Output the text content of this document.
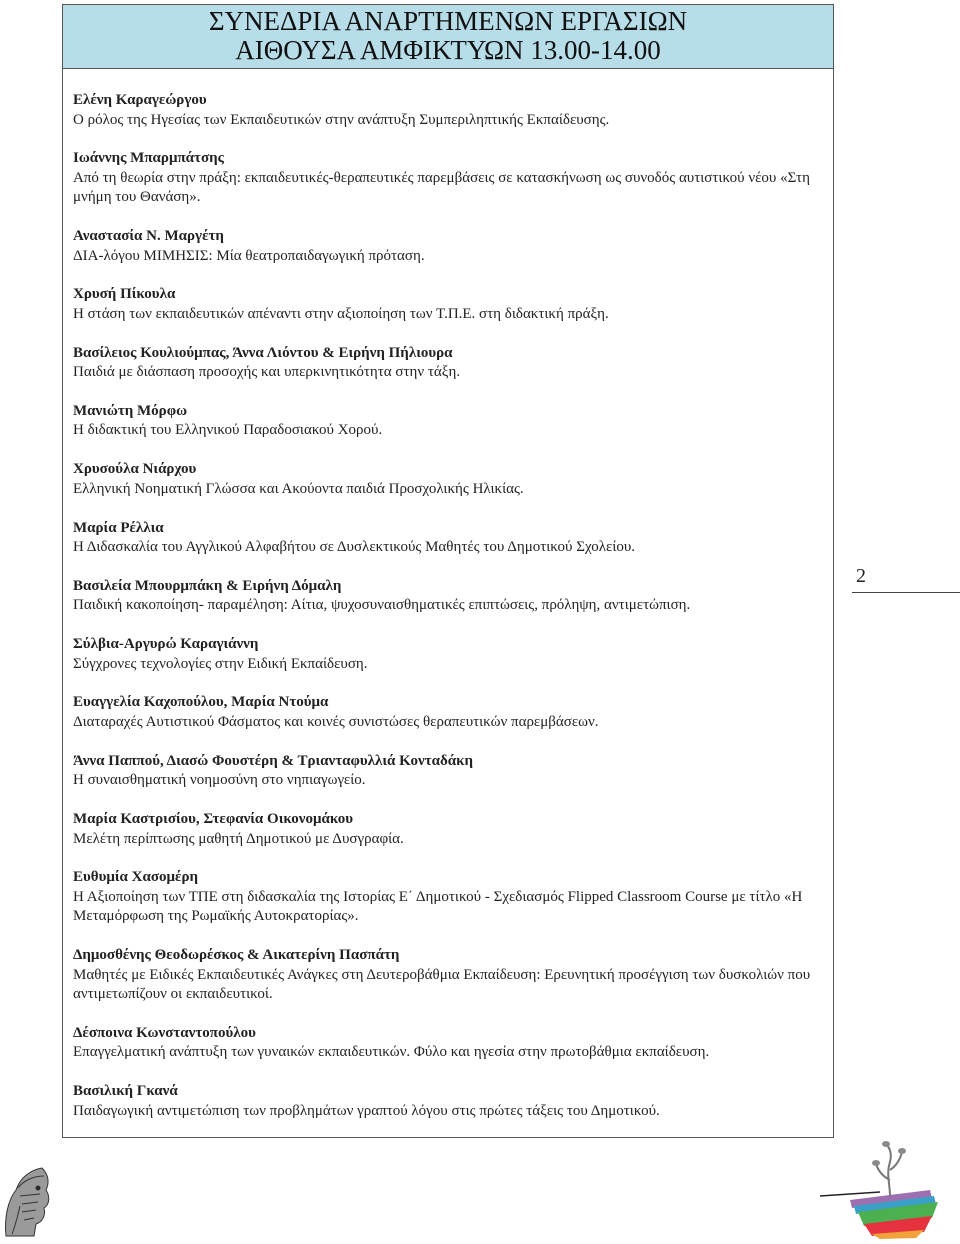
ΣΥΝΕΔΡΙΑ ΑΝΑΡΤΗΜΕΝΩΝ ΕΡΓΑΣΙΩΝ
ΑΙΘΟΥΣΑ ΑΜΦΙΚΤΥΩΝ 13.00-14.00
Ελένη Καραγεώργου
Ο ρόλος της Ηγεσίας των Εκπαιδευτικών στην ανάπτυξη Συμπεριληπτικής Εκπαίδευσης.
Ιωάννης Μπαρμπάτσης
Από τη θεωρία στην πράξη: εκπαιδευτικές-θεραπευτικές παρεμβάσεις σε κατασκήνωση ως συνοδός αυτιστικού νέου «Στη μνήμη του Θανάση».
Αναστασία Ν. Μαργέτη
ΔΙΑ-λόγου ΜΙΜΗΣΙΣ: Μία θεατροπαιδαγωγική πρόταση.
Χρυσή Πίκουλα
Η στάση των εκπαιδευτικών απέναντι στην αξιοποίηση των Τ.Π.Ε. στη διδακτική πράξη.
Βασίλειος Κουλιούμπας, Άννα Λιόντου & Ειρήνη Πήλιουρα
Παιδιά με διάσπαση προσοχής και υπερκινητικότητα στην τάξη.
Μανιώτη Μόρφω
Η διδακτική του Ελληνικού Παραδοσιακού Χορού.
Χρυσούλα Νιάρχου
Ελληνική Νοηματική Γλώσσα και Ακούοντα παιδιά Προσχολικής Ηλικίας.
Μαρία Ρέλλια
Η Διδασκαλία του Αγγλικού Αλφαβήτου σε Δυσλεκτικούς Μαθητές του Δημοτικού Σχολείου.
Βασιλεία Μπουρμπάκη & Ειρήνη Δόμαλη
Παιδική κακοποίηση- παραμέληση: Αίτια, ψυχοσυναισθηματικές επιπτώσεις, πρόληψη, αντιμετώπιση.
Σύλβια-Αργυρώ Καραγιάννη
Σύγχρονες τεχνολογίες στην Ειδική Εκπαίδευση.
Ευαγγελία Καχοπούλου, Μαρία Ντούμα
Διαταραχές Αυτιστικού Φάσματος και κοινές συνιστώσες θεραπευτικών παρεμβάσεων.
Άννα Παππού, Διασώ Φουστέρη & Τριανταφυλλιά Κονταδάκη
Η συναισθηματική νοημοσύνη στο νηπιαγωγείο.
Μαρία Καστρισίου, Στεφανία Οικονομάκου
Μελέτη περίπτωσης μαθητή Δημοτικού με Δυσγραφία.
Ευθυμία Χασομέρη
Η Αξιοποίηση των ΤΠΕ στη διδασκαλία της Ιστορίας Ε΄ Δημοτικού - Σχεδιασμός Flipped Classroom Course με τίτλο «Η Μεταμόρφωση της Ρωμαϊκής Αυτοκρατορίας».
Δημοσθένης Θεοδωρέσκος & Αικατερίνη Πασπάτη
Μαθητές με Ειδικές Εκπαιδευτικές Ανάγκες στη Δευτεροβάθμια Εκπαίδευση: Ερευνητική προσέγγιση των δυσκολιών που αντιμετωπίζουν οι εκπαιδευτικοί.
Δέσποινα Κωνσταντοπούλου
Επαγγελματική ανάπτυξη των γυναικών εκπαιδευτικών. Φύλο και ηγεσία στην πρωτοβάθμια εκπαίδευση.
Βασιλική Γκανά
Παιδαγωγική αντιμετώπιση των προβλημάτων γραπτού λόγου στις πρώτες τάξεις του Δημοτικού.
2
